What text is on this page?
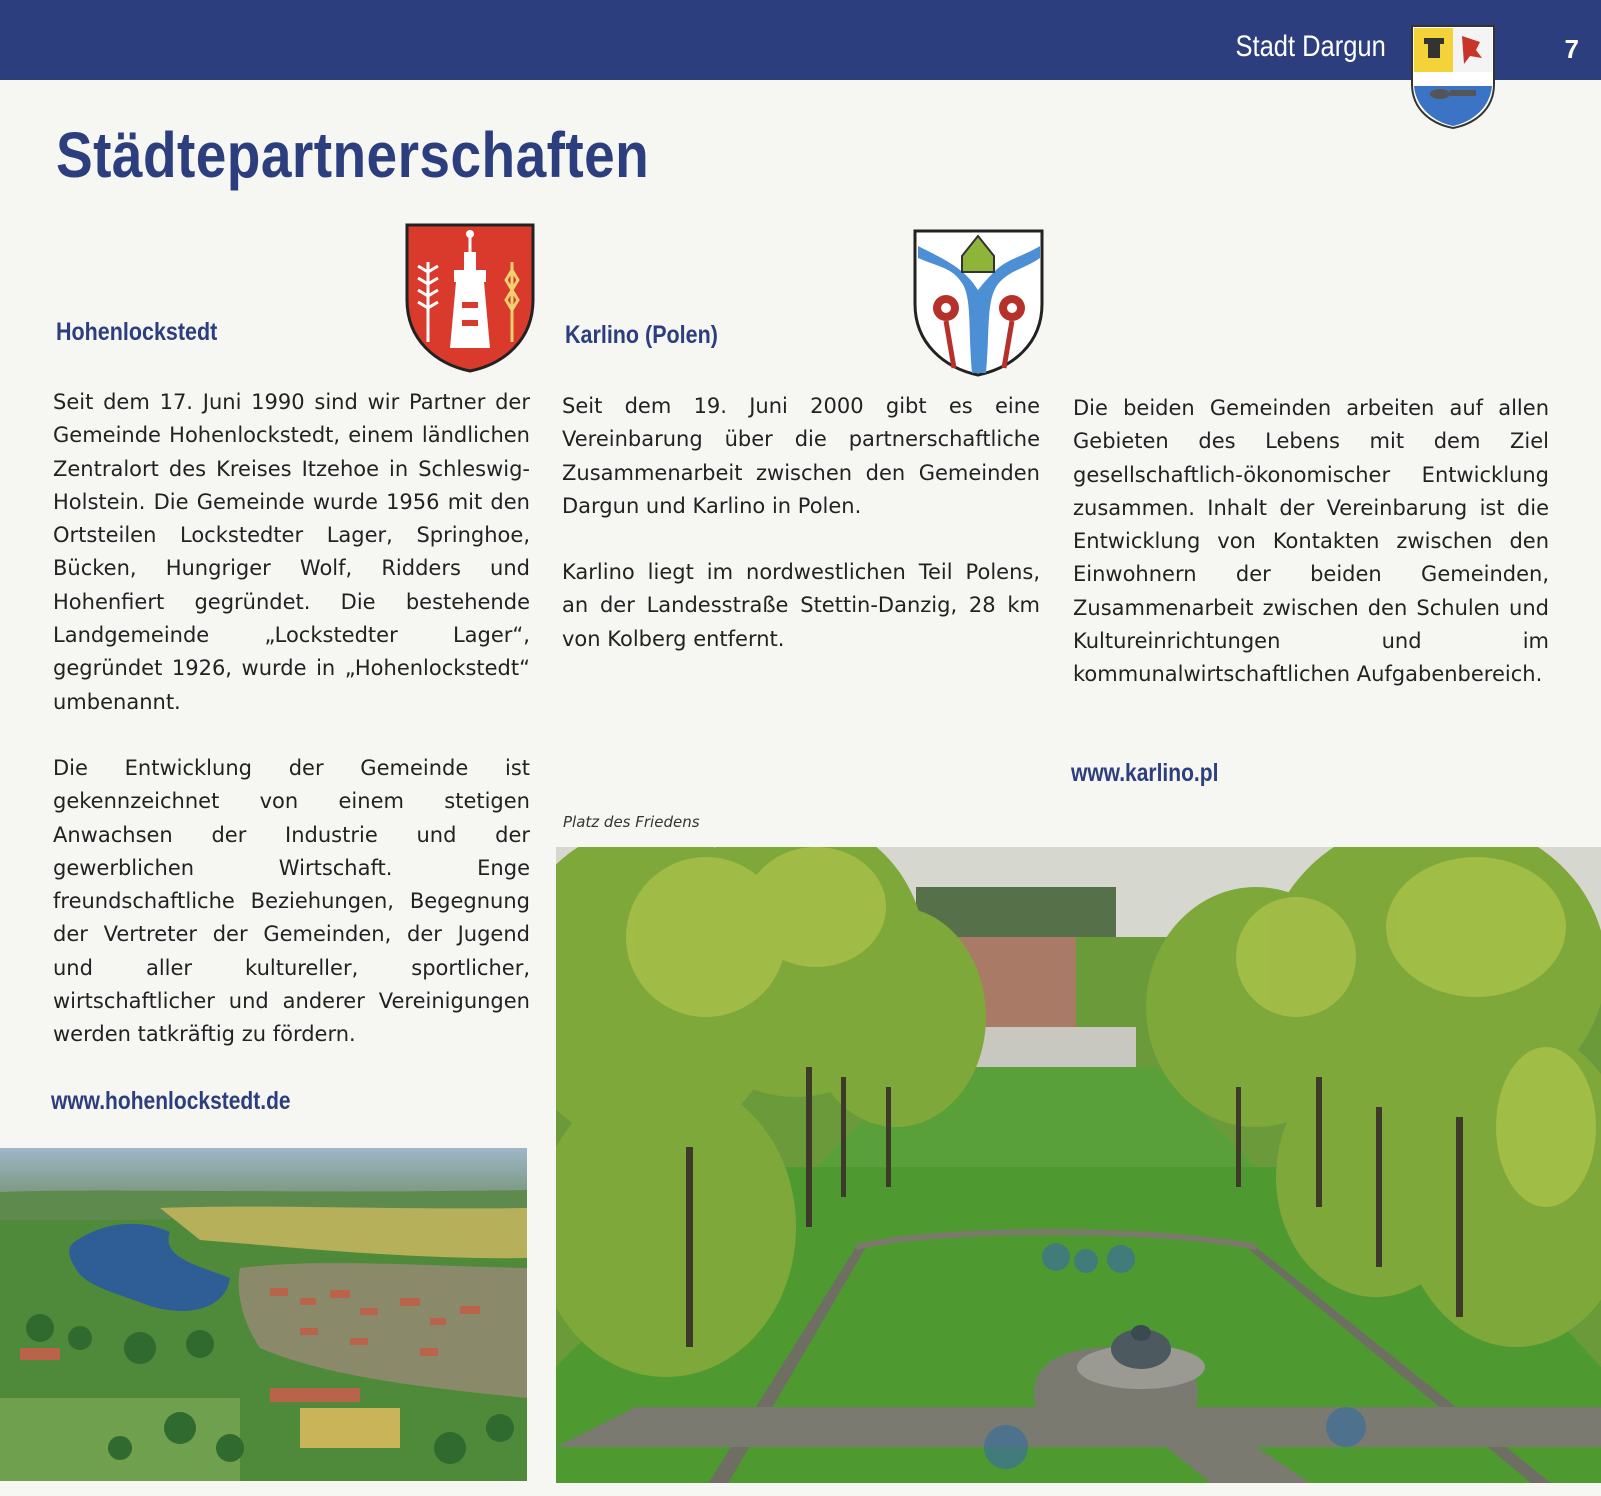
Stadt Dargun	7
Städtepartnerschaften
Hohenlockstedt	Karlino (Polen)

Seit dem 17. Juni 1990 sind wir Partner der Gemeinde Hohenlockstedt, einem ländlichen Zentralort des Kreises Itzehoe in Schleswig-Holstein. Die Gemeinde wurde 1956 mit den Ortsteilen Lockstedter Lager, Springhoe, Bücken, Hungriger Wolf, Ridders und Hohenfiert gegründet. Die bestehende Landgemeinde „Lockstedter Lager“, gegründet 1926, wurde in „Hohenlockstedt“ umbenannt.

Die Entwicklung der Gemeinde ist gekennzeichnet von einem stetigen Anwachsen der Industrie und der gewerblichen Wirtschaft. Enge freundschaftliche Beziehungen, Begegnung der Vertreter der Gemeinden, der Jugend und aller kultureller, sportlicher, wirtschaftlicher und anderer Vereinigungen werden tatkräftig zu fördern.

www.hohenlockstedt.de

Seit dem 19. Juni 2000 gibt es eine Vereinbarung über die partnerschaftliche Zusammenarbeit zwischen den Gemeinden Dargun und Karlino in Polen.

Karlino liegt im nordwestlichen Teil Polens, an der Landesstraße Stettin-Danzig, 28 km von Kolberg entfernt.

Die beiden Gemeinden arbeiten auf allen Gebieten des Lebens mit dem Ziel gesellschaftlich-ökonomischer Entwicklung zusammen. Inhalt der Vereinbarung ist die Entwicklung von Kontakten zwischen den Einwohnern der beiden Gemeinden, Zusammenarbeit zwischen den Schulen und Kultureinrichtungen und im kommunalwirtschaftlichen Aufgabenbereich.

www.karlino.pl
Platz des Friedens
